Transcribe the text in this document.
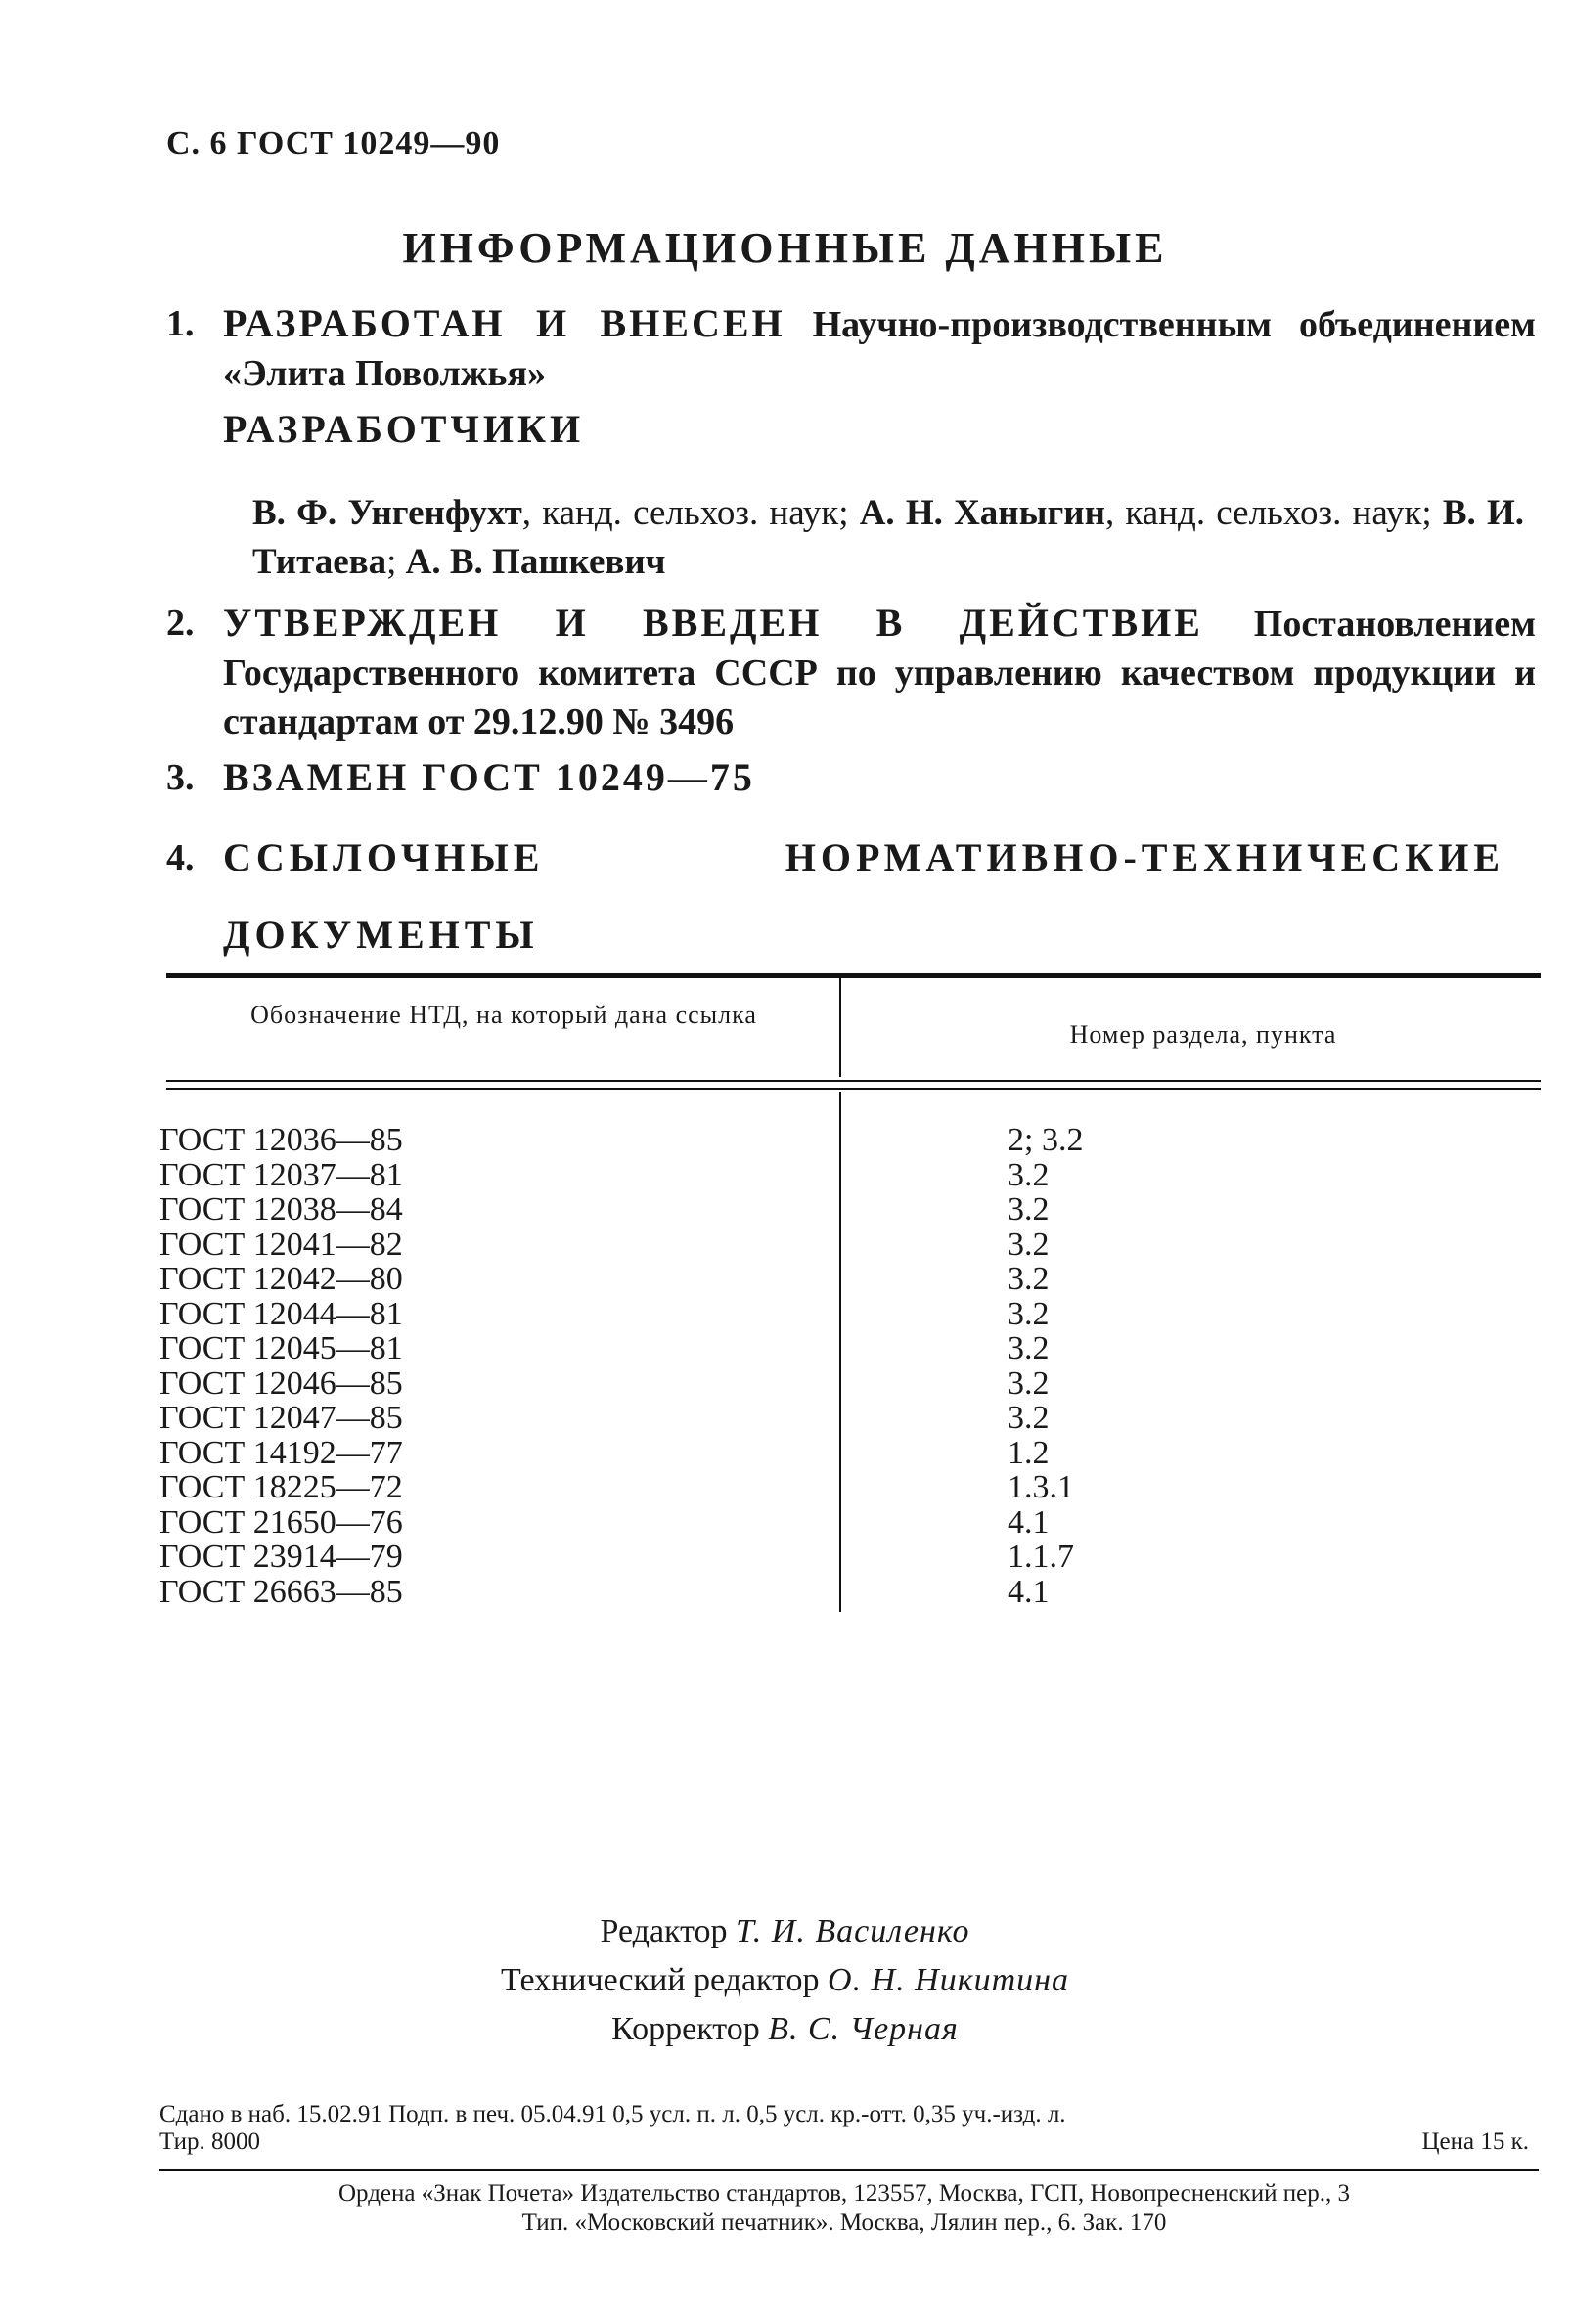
С. 6 ГОСТ 10249—90
ИНФОРМАЦИОННЫЕ ДАННЫЕ
1. РАЗРАБОТАН И ВНЕСЕН Научно-производственным объединением «Элита Поволжья»
РАЗРАБОТЧИКИ
В. Ф. Унгенфухт, канд. сельхоз. наук; А. Н. Ханыгин, канд. сельхоз. наук; В. И. Титаева; А. В. Пашкевич
2. УТВЕРЖДЕН И ВВЕДЕН В ДЕЙСТВИЕ Постановлением Государственного комитета СССР по управлению качеством продукции и стандартам от 29.12.90 № 3496
3. ВЗАМЕН ГОСТ 10249—75
4. ССЫЛОЧНЫЕ НОРМАТИВНО-ТЕХНИЧЕСКИЕ ДОКУМЕНТЫ
Обозначение НТД, на который дана ссылка
Номер раздела, пункта
ГОСТ 12036—85
ГОСТ 12037—81
ГОСТ 12038—84
ГОСТ 12041—82
ГОСТ 12042—80
ГОСТ 12044—81
ГОСТ 12045—81
ГОСТ 12046—85
ГОСТ 12047—85
ГОСТ 14192—77
ГОСТ 18225—72
ГОСТ 21650—76
ГОСТ 23914—79
ГОСТ 26663—85
2; 3.2
3.2
3.2
3.2
3.2
3.2
3.2
3.2
3.2
1.2
1.3.1
4.1
1.1.7
4.1
Редактор Т. И. Василенко
Технический редактор О. Н. Никитина
Корректор В. С. Черная
Сдано в наб. 15.02.91 Подп. в печ. 05.04.91 0,5 усл. п. л. 0,5 усл. кр.-отт. 0,35 уч.-изд. л.
Тир. 8000	Цена 15 к.
Ордена «Знак Почета» Издательство стандартов, 123557, Москва, ГСП, Новопресненский пер., 3
Тип. «Московский печатник». Москва, Лялин пер., 6. Зак. 170
